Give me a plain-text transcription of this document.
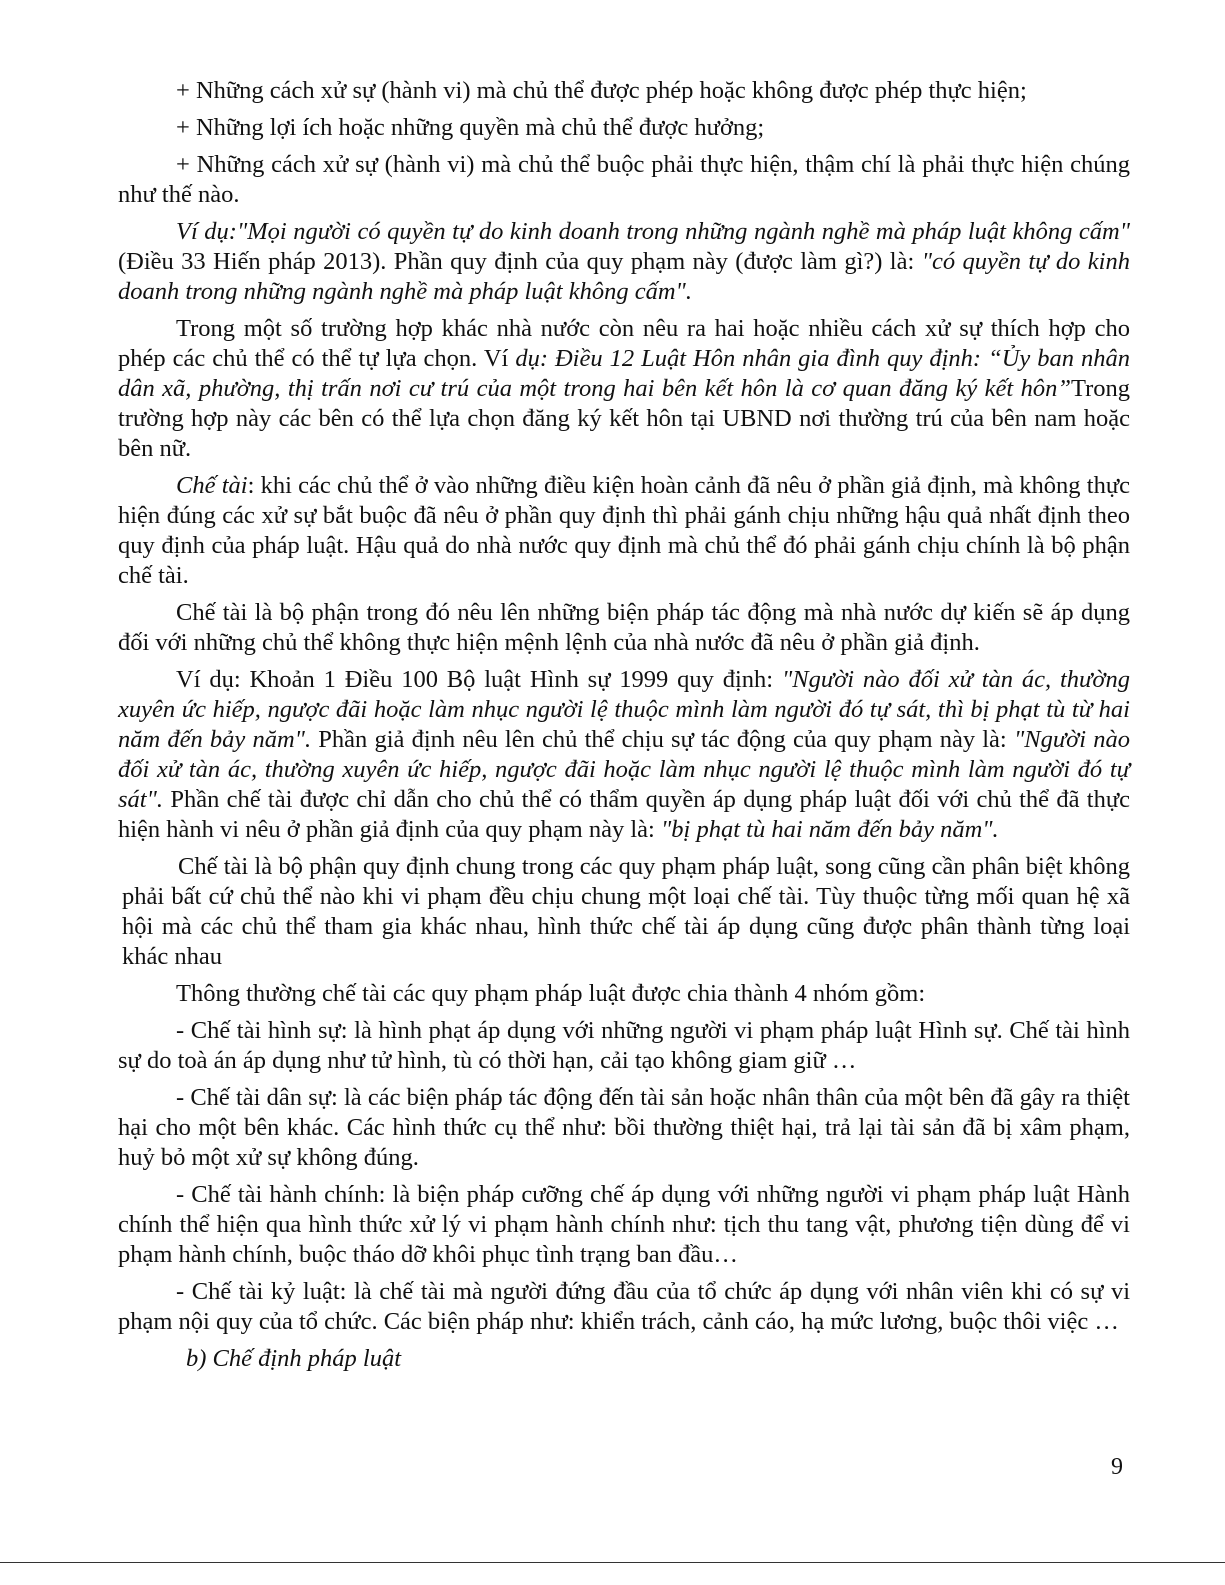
+ Những cách xử sự (hành vi) mà chủ thể được phép hoặc không được phép thực hiện;

+ Những lợi ích hoặc những quyền mà chủ thể được hưởng;

+ Những cách xử sự (hành vi) mà chủ thể buộc phải thực hiện, thậm chí là phải thực hiện chúng như thế nào.

Ví dụ:"Mọi người có quyền tự do kinh doanh trong những ngành nghề mà pháp luật không cấm" (Điều 33 Hiến pháp 2013). Phần quy định của quy phạm này (được làm gì?) là: "có quyền tự do kinh doanh trong những ngành nghề mà pháp luật không cấm".

Trong một số trường hợp khác nhà nước còn nêu ra hai hoặc nhiều cách xử sự thích hợp cho phép các chủ thể có thể tự lựa chọn. Ví dụ: Điều 12 Luật Hôn nhân gia đình quy định: “Ủy ban nhân dân xã, phường, thị trấn nơi cư trú của một trong hai bên kết hôn là cơ quan đăng ký kết hôn”Trong trường hợp này các bên có thể lựa chọn đăng ký kết hôn tại UBND nơi thường trú của bên nam hoặc bên nữ.

Chế tài: khi các chủ thể ở vào những điều kiện hoàn cảnh đã nêu ở phần giả định, mà không thực hiện đúng các xử sự bắt buộc đã nêu ở phần quy định thì phải gánh chịu những hậu quả nhất định theo quy định của pháp luật. Hậu quả do nhà nước quy định mà chủ thể đó phải gánh chịu chính là bộ phận chế tài.

Chế tài là bộ phận trong đó nêu lên những biện pháp tác động mà nhà nước dự kiến sẽ áp dụng đối với những chủ thể không thực hiện mệnh lệnh của nhà nước đã nêu ở phần giả định.

Ví dụ: Khoản 1 Điều 100 Bộ luật Hình sự 1999 quy định: "Người nào đối xử tàn ác, thường xuyên ức hiếp, ngược đãi hoặc làm nhục người lệ thuộc mình làm người đó tự sát, thì bị phạt tù từ hai năm đến bảy năm". Phần giả định nêu lên chủ thể chịu sự tác động của quy phạm này là: "Người nào đối xử tàn ác, thường xuyên ức hiếp, ngược đãi hoặc làm nhục người lệ thuộc mình làm người đó tự sát". Phần chế tài được chỉ dẫn cho chủ thể có thẩm quyền áp dụng pháp luật đối với chủ thể đã thực hiện hành vi nêu ở phần giả định của quy phạm này là: "bị phạt tù hai năm đến bảy năm".

Chế tài là bộ phận quy định chung trong các quy phạm pháp luật, song cũng cần phân biệt không phải bất cứ chủ thể nào khi vi phạm đều chịu chung một loại chế tài. Tùy thuộc từng mối quan hệ xã hội mà các chủ thể tham gia khác nhau, hình thức chế tài áp dụng cũng được phân thành từng loại khác nhau

Thông thường chế tài các quy phạm pháp luật được chia thành 4 nhóm gồm:

- Chế tài hình sự: là hình phạt áp dụng với những người vi phạm pháp luật Hình sự. Chế tài hình sự do toà án áp dụng như tử hình, tù có thời hạn, cải tạo không giam giữ …

- Chế tài dân sự: là các biện pháp tác động đến tài sản hoặc nhân thân của một bên đã gây ra thiệt hại cho một bên khác. Các hình thức cụ thể như: bồi thường thiệt hại, trả lại tài sản đã bị xâm phạm, huỷ bỏ một xử sự không đúng.

- Chế tài hành chính: là biện pháp cưỡng chế áp dụng với những người vi phạm pháp luật Hành chính thể hiện qua hình thức xử lý vi phạm hành chính như: tịch thu tang vật, phương tiện dùng để vi phạm hành chính, buộc tháo dỡ khôi phục tình trạng ban đầu…

- Chế tài kỷ luật: là chế tài mà người đứng đầu của tổ chức áp dụng với nhân viên khi có sự vi phạm nội quy của tổ chức. Các biện pháp như: khiển trách, cảnh cáo, hạ mức lương, buộc thôi việc …

b) Chế định pháp luật
9
